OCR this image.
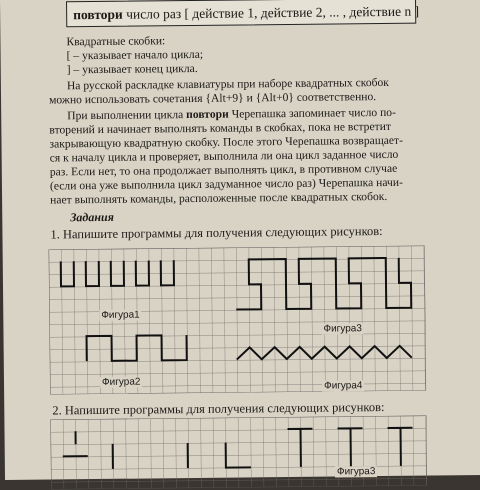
повтори число раз [ действие 1, действие 2, ... , действие n ]
Квадратные скобки:
[ – указывает начало цикла;
] – указывает конец цикла.
На русской раскладке клавиатуры при наборе квадратных скобок
можно использовать сочетания {Alt+9} и {Alt+0} соответственно.
При выполнении цикла повтори Черепашка запоминает число по-
вторений и начинает выполнять команды в скобках, пока не встретит
закрывающую квадратную скобку. После этого Черепашка возвращает-
ся к началу цикла и проверяет, выполнила ли она цикл заданное число
раз. Если нет, то она продолжает выполнять цикл, в противном случае
(если она уже выполнила цикл задуманное число раз) Черепашка начи-
нает выполнять команды, расположенные после квадратных скобок.
Задания
1. Напишите программы для получения следующих рисунков:
Фигура1
Фигура3
Фигура2	Фигура4
2. Напишите программы для получения следующих рисунков:
Фигура3
